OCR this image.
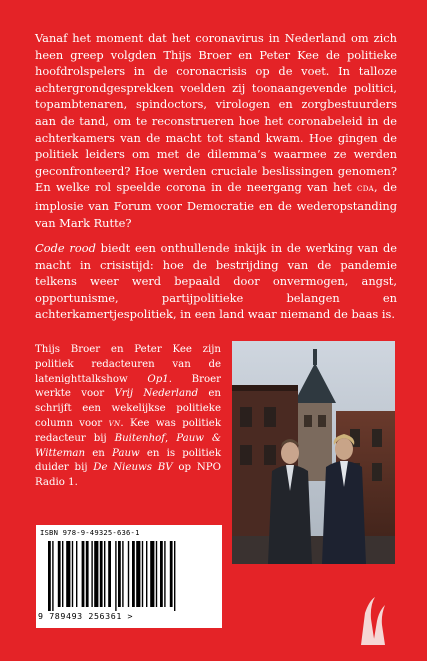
Vanaf het moment dat het coronavirus in Nederland om zich heen greep volgden Thijs Broer en Peter Kee de politieke hoofdrolspelers in de coronacrisis op de voet. In talloze achtergrondgesprekken voelden zij toonaangevende politici, topambtenaren, spindoctors, virologen en zorgbestuurders aan de tand, om te reconstrueren hoe het coronabeleid in de achterkamers van de macht tot stand kwam. Hoe gingen de politiek leiders om met de dilemma’s waarmee ze werden geconfronteerd? Hoe werden cruciale beslissingen genomen? En welke rol speelde corona in de neergang van het cda, de implosie van Forum voor Democratie en de wederopstanding van Mark Rutte?

Code rood biedt een onthullende inkijk in de werking van de macht in crisistijd: hoe de bestrijding van de pandemie telkens weer werd bepaald door onvermogen, angst, opportunisme, partijpolitieke belangen en achterkamertjespolitiek, in een land waar niemand de baas is.

Thijs Broer en Peter Kee zijn politiek redacteuren van de latenighttalkshow Op1. Broer werkte voor Vrij Nederland en schrijft een wekelijkse politieke column voor vn. Kee was politiek redacteur bij Buitenhof, Pauw & Witteman en Pauw en is politiek duider bij De Nieuws BV op NPO Radio 1.

ISBN 978-9-49325-636-1
9 789493 256361 >
